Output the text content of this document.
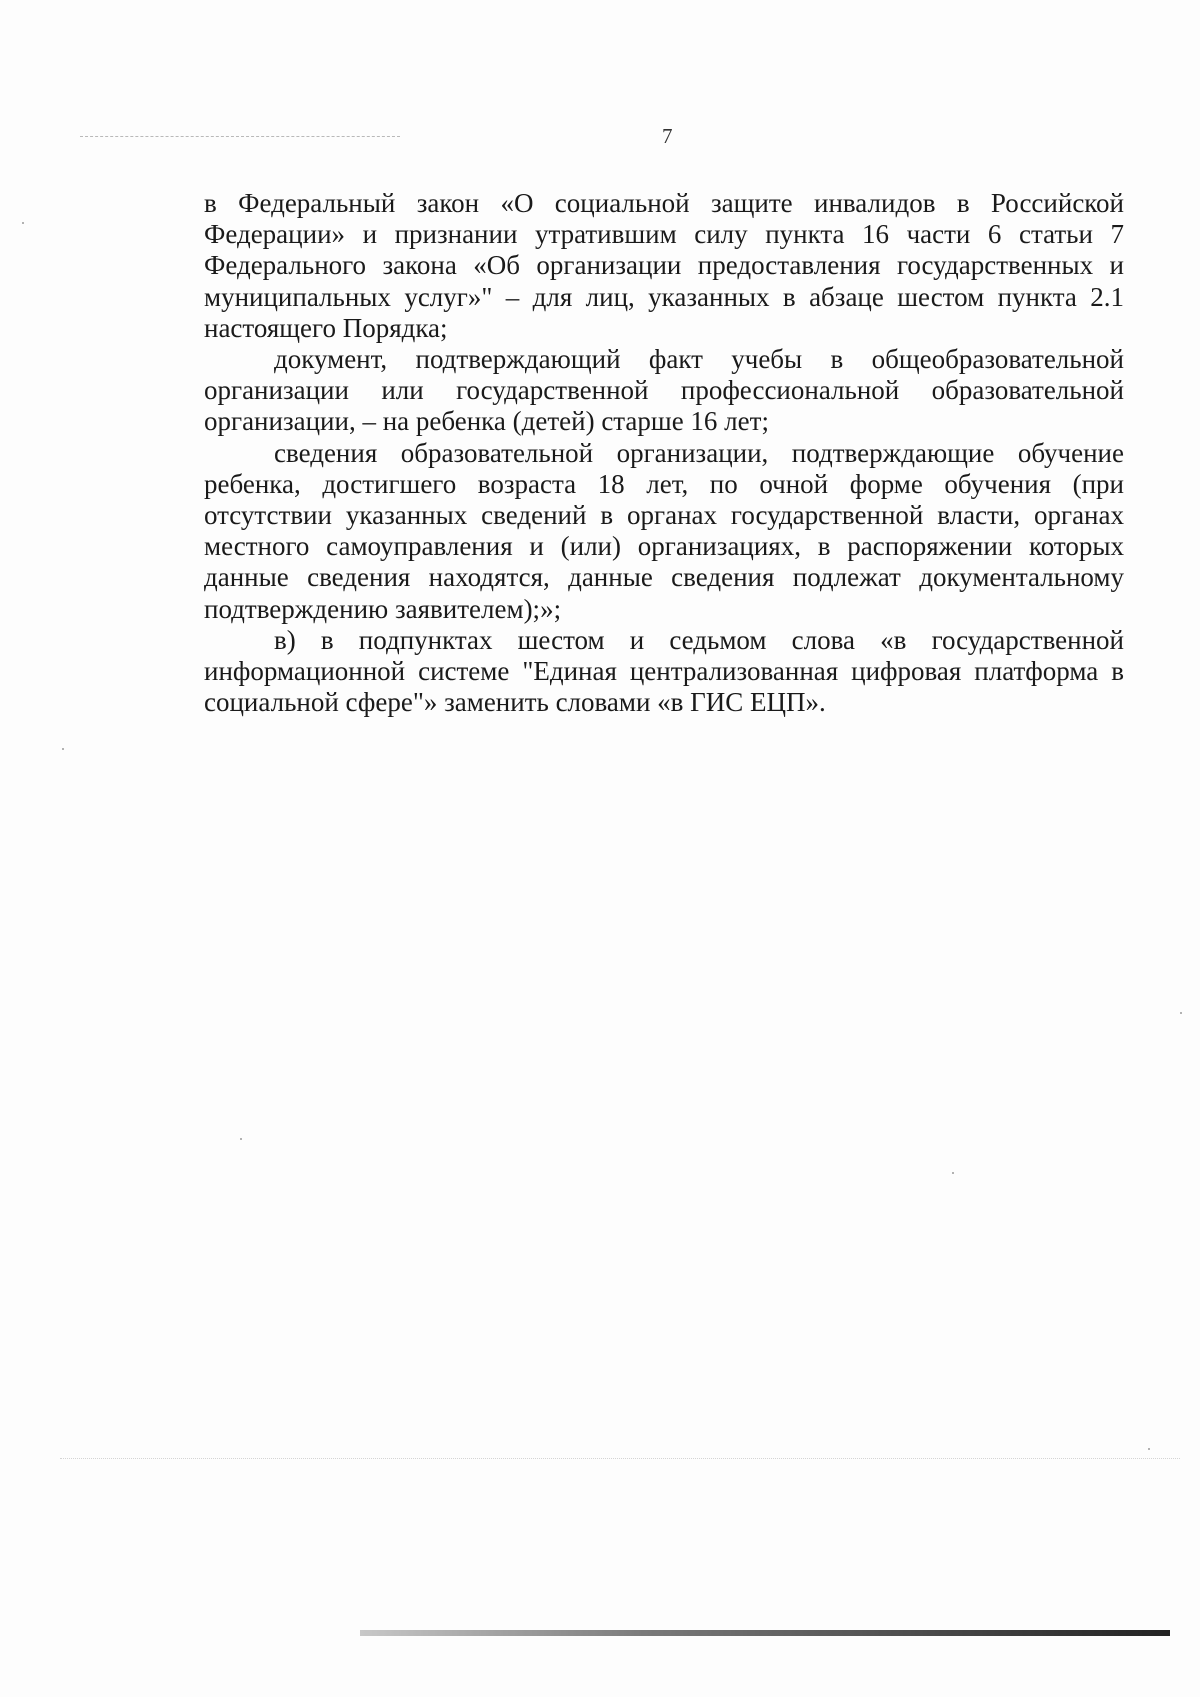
7

в Федеральный закон «О социальной защите инвалидов в Российской Федерации» и признании утратившим силу пункта 16 части 6 статьи 7 Федерального закона «Об организации предоставления государственных и муниципальных услуг»" – для лиц, указанных в абзаце шестом пункта 2.1 настоящего Порядка;

документ, подтверждающий факт учебы в общеобразовательной организации или государственной профессиональной образовательной организации, – на ребенка (детей) старше 16 лет;

сведения образовательной организации, подтверждающие обучение ребенка, достигшего возраста 18 лет, по очной форме обучения (при отсутствии указанных сведений в органах государственной власти, органах местного самоуправления и (или) организациях, в распоряжении которых данные сведения находятся, данные сведения подлежат документальному подтверждению заявителем);»;

в) в подпунктах шестом и седьмом слова «в государственной информационной системе "Единая централизованная цифровая платформа в социальной сфере"» заменить словами «в ГИС ЕЦП».
